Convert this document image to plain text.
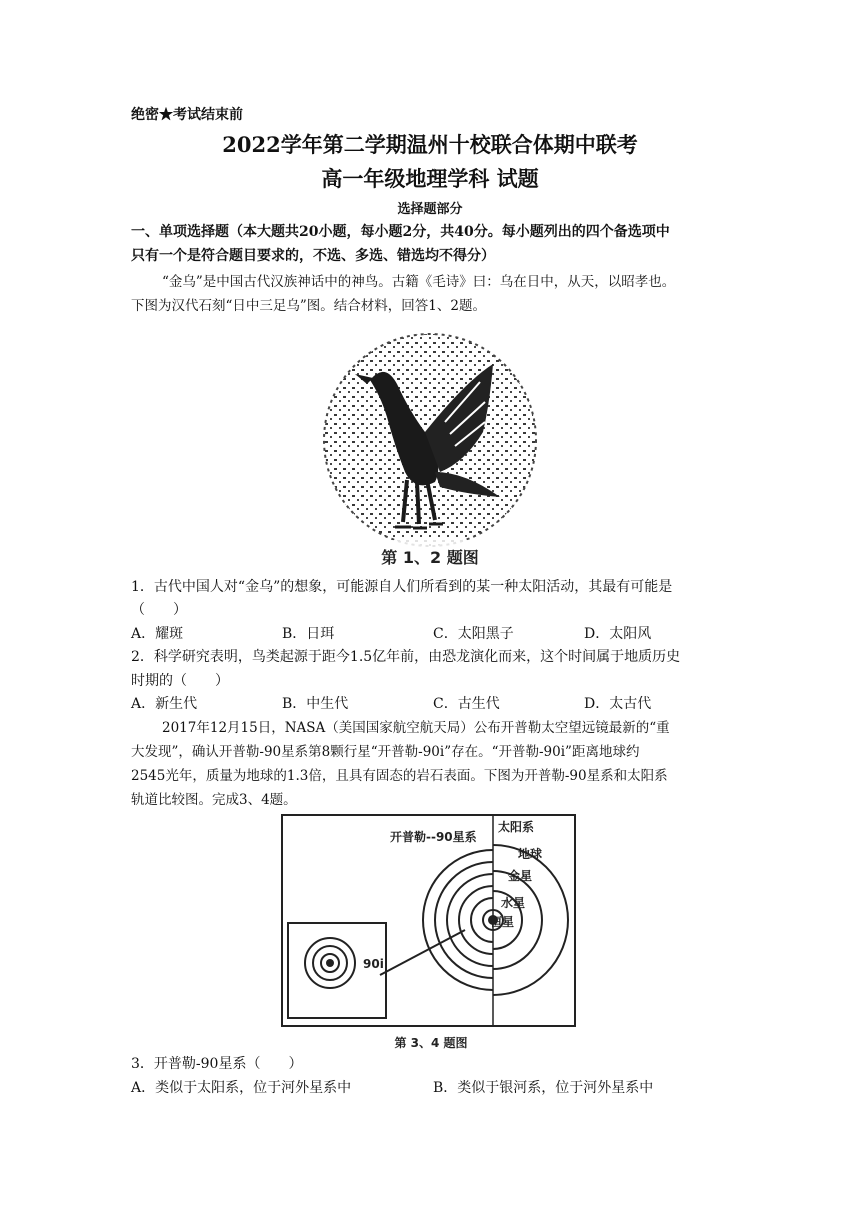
绝密★考试结束前
2022学年第二学期温州十校联合体期中联考
高一年级地理学科 试题
选择题部分
一、单项选择题（本大题共20小题，每小题2分，共40分。每小题列出的四个备选项中
只有一个是符合题目要求的，不选、多选、错选均不得分）
“金乌”是中国古代汉族神话中的神鸟。古籍《毛诗》曰：乌在日中，从天，以昭孝也。
下图为汉代石刻“日中三足乌”图。结合材料，回答1、2题。
第 1、2 题图
1．古代中国人对“金乌”的想象，可能源自人们所看到的某一种太阳活动，其最有可能是
（　　）
A．耀斑	B．日珥	C．太阳黑子	D．太阳风
2．科学研究表明，鸟类起源于距今1.5亿年前，由恐龙演化而来，这个时间属于地质历史
时期的（　　）
A．新生代	B．中生代	C．古生代	D．太古代
2017年12月15日，NASA（美国国家航空航天局）公布开普勒太空望远镜最新的“重
大发现”，确认开普勒-90星系第8颗行星“开普勒-90i”存在。“开普勒-90i”距离地球约
2545光年，质量为地球的1.3倍，且具有固态的岩石表面。下图为开普勒-90星系和太阳系
轨道比较图。完成3、4题。
90i
开普勒--90星系
太阳系
地球
金星
水星
恒星
第 3、4 题图
3．开普勒-90星系（　　）
A．类似于太阳系，位于河外星系中	B．类似于银河系，位于河外星系中
